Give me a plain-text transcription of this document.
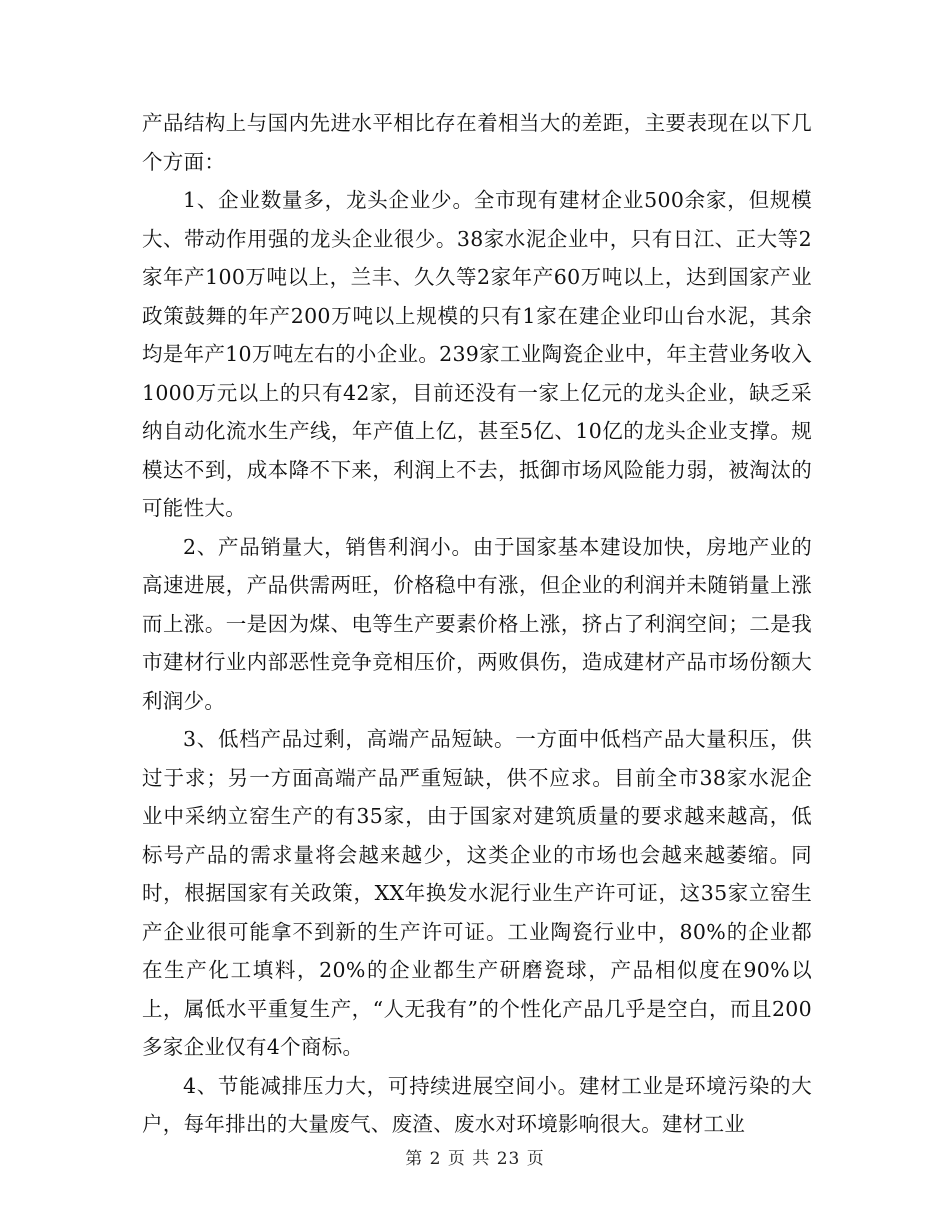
产品结构上与国内先进水平相比存在着相当大的差距，主要表现在以下几个方面：

1、企业数量多，龙头企业少。全市现有建材企业500余家，但规模大、带动作用强的龙头企业很少。38家水泥企业中，只有日江、正大等2家年产100万吨以上，兰丰、久久等2家年产60万吨以上，达到国家产业政策鼓舞的年产200万吨以上规模的只有1家在建企业印山台水泥，其余均是年产10万吨左右的小企业。239家工业陶瓷企业中，年主营业务收入1000万元以上的只有42家，目前还没有一家上亿元的龙头企业，缺乏采纳自动化流水生产线，年产值上亿，甚至5亿、10亿的龙头企业支撑。规模达不到，成本降不下来，利润上不去，抵御市场风险能力弱，被淘汰的可能性大。

2、产品销量大，销售利润小。由于国家基本建设加快，房地产业的高速进展，产品供需两旺，价格稳中有涨，但企业的利润并未随销量上涨而上涨。一是因为煤、电等生产要素价格上涨，挤占了利润空间；二是我市建材行业内部恶性竞争竞相压价，两败俱伤，造成建材产品市场份额大利润少。

3、低档产品过剩，高端产品短缺。一方面中低档产品大量积压，供过于求；另一方面高端产品严重短缺，供不应求。目前全市38家水泥企业中采纳立窑生产的有35家，由于国家对建筑质量的要求越来越高，低标号产品的需求量将会越来越少，这类企业的市场也会越来越萎缩。同时，根据国家有关政策，XX年换发水泥行业生产许可证，这35家立窑生产企业很可能拿不到新的生产许可证。工业陶瓷行业中，80%的企业都在生产化工填料，20%的企业都生产研磨瓷球，产品相似度在90%以上，属低水平重复生产，“人无我有”的个性化产品几乎是空白，而且200多家企业仅有4个商标。

4、节能减排压力大，可持续进展空间小。建材工业是环境污染的大户，每年排出的大量废气、废渣、废水对环境影响很大。建材工业

第 2 页 共 23 页
